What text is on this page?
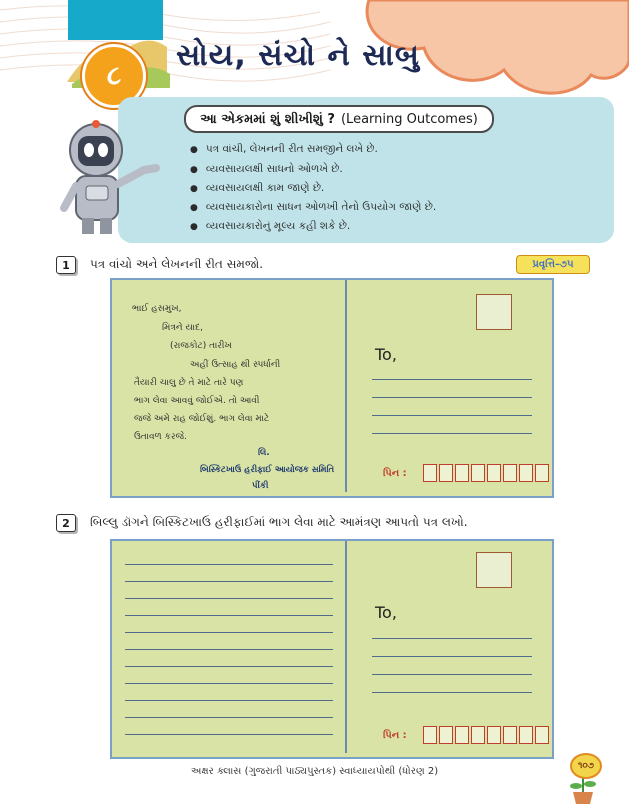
૮
સોય, સંચો ને સાબુ
આ એકમમાં શું શીખીશું ? (Learning Outcomes)
● પત્ર વાંચી, લેખનની રીત સમજીને લખે છે.
● વ્યવસાયલક્ષી સાધનો ઓળખે છે.
● વ્યવસાયલક્ષી કામ જાણે છે.
● વ્યવસાયકારોના સાધન ઓળખી તેનો ઉપયોગ જાણે છે.
● વ્યવસાયકારોનું મૂલ્ય કહી શકે છે.
1	પત્ર વાંચો અને લેખનની રીત સમજો.	પ્રવૃત્તિ–૭૫
ભાઈ હસમુખ,
મિત્રને યાદ,
(રાજકોટ) તારીખ
અહીં ઉત્સાહ થી સ્પર્ધાની
તૈયારી ચાલુ છે તે માટે તારે પણ
ભાગ લેવા આવવું જોઈએ. તો આવી
જજે અમે રાહ જોઈશું. ભાગ લેવા માટે
ઉતાવળ કરજે.
લિ.
બિસ્કિટખાઉ હરીફાઈ આયોજક સમિતિ
પીંકી
To,
પિન :
2	બિલ્લુ ડૉગને બિસ્કિટખાઉ હરીફાઈમાં ભાગ લેવા માટે આમંત્રણ આપતો પત્ર લખો.
To,
પિન :
અક્ષર ક્લાસ (ગુજરાતી પાઠ્યપુસ્તક) સ્વાધ્યાયપોથી (ધોરણ 2)	૧૦૭
